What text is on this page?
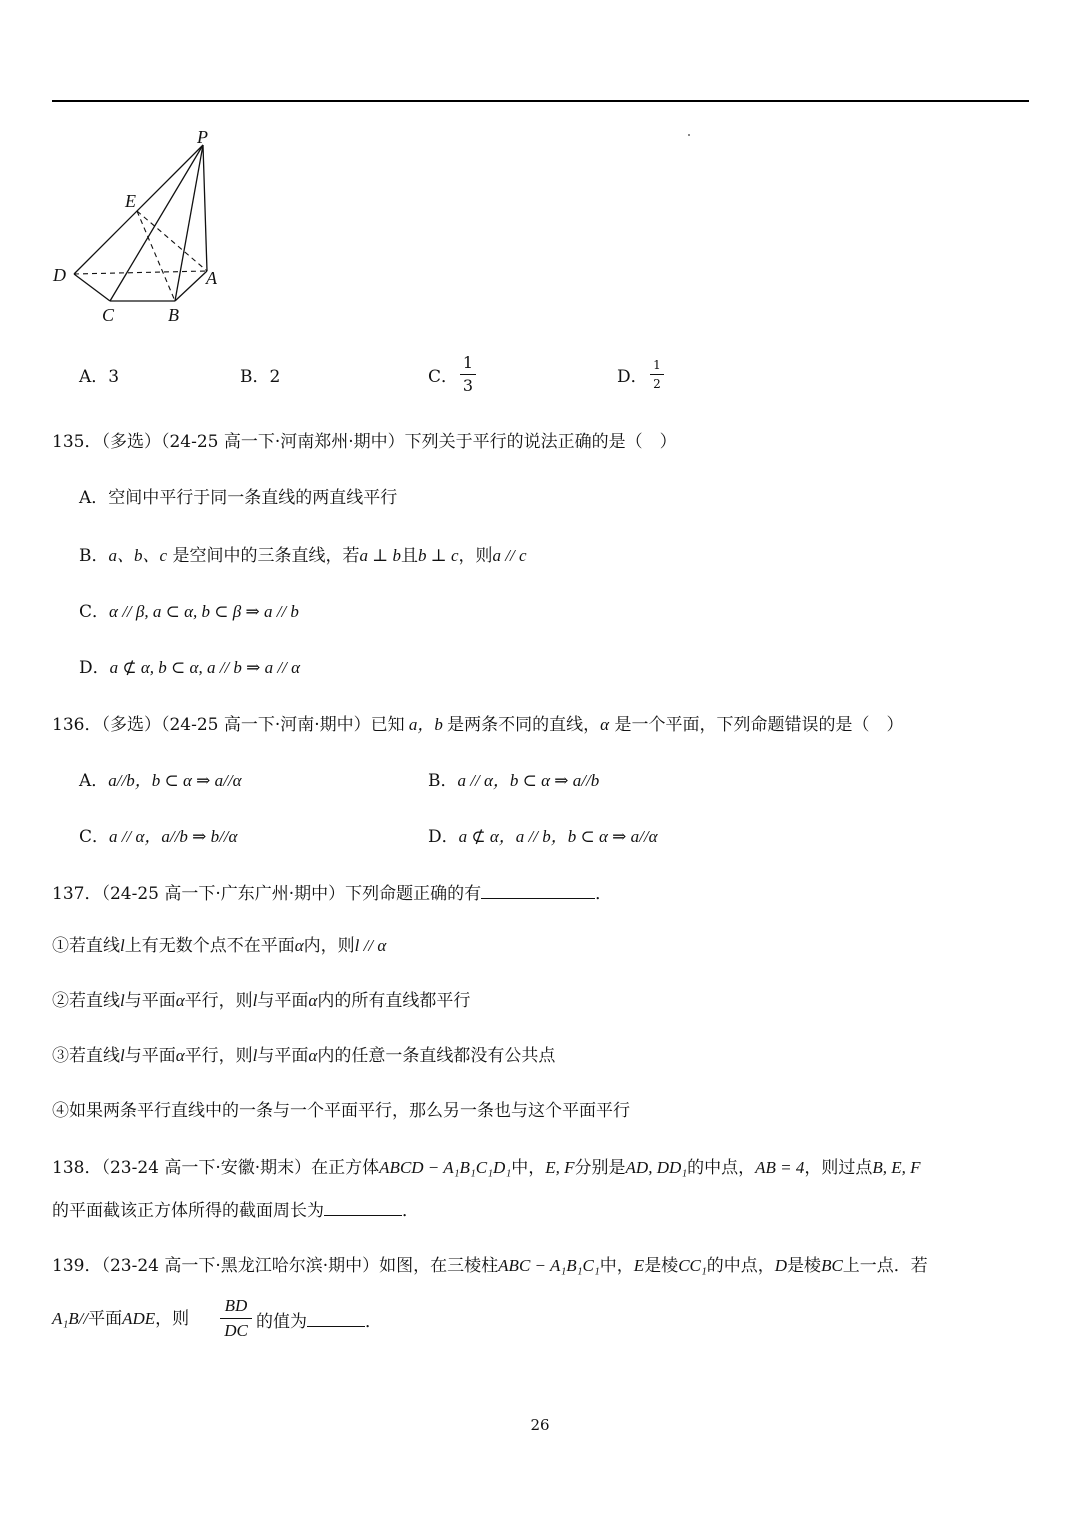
P
E
D	A
C	B
A．3	B．2	C．
1
3	D．
1
2
135．（多选）（24-25 高一下·河南郑州·期中）下列关于平行的说法正确的是（　）
A．空间中平行于同一条直线的两直线平行
B．a、b、c 是空间中的三条直线，若a ⊥ b且b ⊥ c，则a // c
C．α // β, a ⊂ α, b ⊂ β ⇒ a // b
D．a ⊄ α, b ⊂ α, a // b ⇒ a // α
136．（多选）（24-25 高一下·河南·期中）已知 a，b 是两条不同的直线，α 是一个平面，下列命题错误的是（　）
A．a//b，b ⊂ α ⇒ a//α	B．a // α，b ⊂ α ⇒ a//b
C．a // α，a//b ⇒ b//α	D．a ⊄ α，a // b，b ⊂ α ⇒ a//α
137．（24-25 高一下·广东广州·期中）下列命题正确的有	．
①若直线l上有无数个点不在平面α内，则l // α
②若直线l与平面α平行，则l与平面α内的所有直线都平行
③若直线l与平面α平行，则l与平面α内的任意一条直线都没有公共点
④如果两条平行直线中的一条与一个平面平行，那么另一条也与这个平面平行
138．（23-24 高一下·安徽·期末）在正方体ABCD − A₁B₁C₁D₁中，E, F分别是AD, DD₁的中点，AB = 4，则过点B, E, F
的平面截该正方体所得的截面周长为	．
139．（23-24 高一下·黑龙江哈尔滨·期中）如图，在三棱柱ABC − A₁B₁C₁中，E是棱CC₁的中点，D是棱BC上一点．若
A₁B//平面ADE，则
BD
DC 的值为	．
26
